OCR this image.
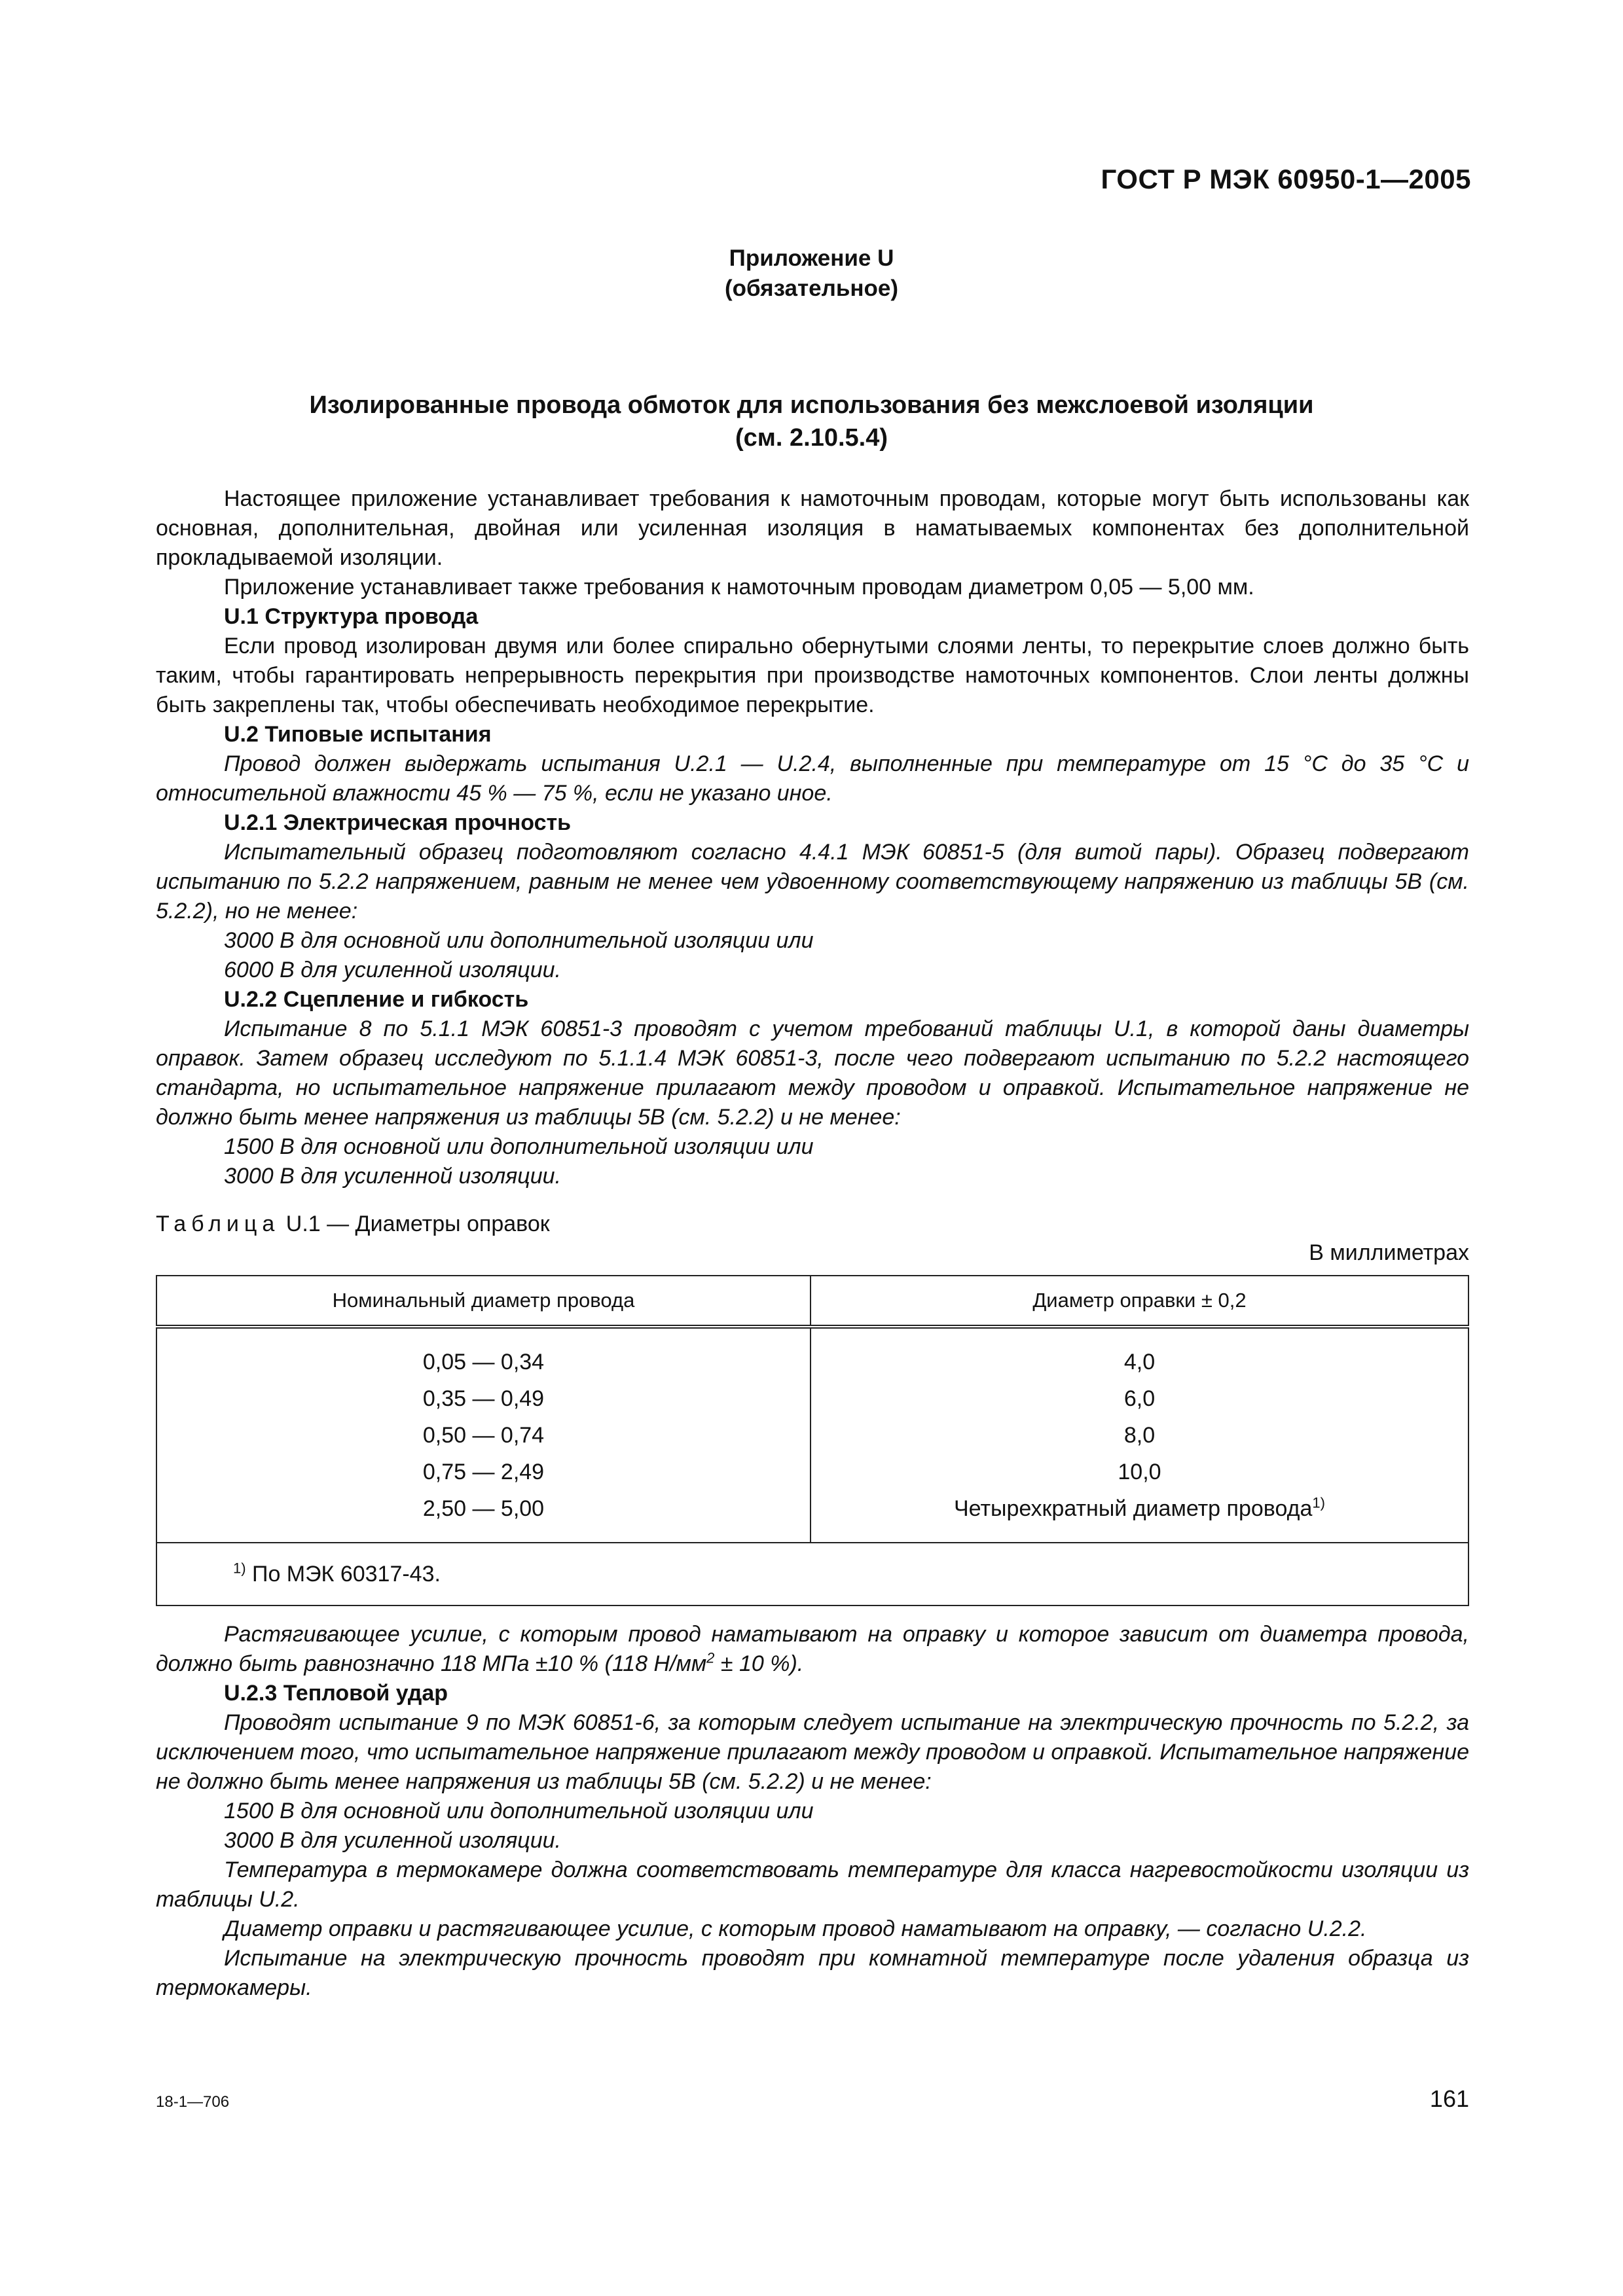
ГОСТ Р МЭК 60950-1—2005
Приложение U
(обязательное)
Изолированные провода обмоток для использования без межслоевой изоляции
(см. 2.10.5.4)

Настоящее приложение устанавливает требования к намоточным проводам, которые могут быть использованы как основная, дополнительная, двойная или усиленная изоляция в наматываемых компонентах без дополнительной прокладываемой изоляции.

Приложение устанавливает также требования к намоточным проводам диаметром 0,05 — 5,00 мм.

U.1 Структура провода

Если провод изолирован двумя или более спирально обернутыми слоями ленты, то перекрытие слоев должно быть таким, чтобы гарантировать непрерывность перекрытия при производстве намоточных компонентов. Слои ленты должны быть закреплены так, чтобы обеспечивать необходимое перекрытие.

U.2 Типовые испытания

Провод должен выдержать испытания U.2.1 — U.2.4, выполненные при температуре от 15 °С до 35 °С и относительной влажности 45 % — 75 %, если не указано иное.

U.2.1 Электрическая прочность

Испытательный образец подготовляют согласно 4.4.1 МЭК 60851-5 (для витой пары). Образец подвергают испытанию по 5.2.2 напряжением, равным не менее чем удвоенному соответствующему напряжению из таблицы 5В (см. 5.2.2), но не менее:

3000 В для основной или дополнительной изоляции или

6000 В для усиленной изоляции.

U.2.2 Сцепление и гибкость

Испытание 8 по 5.1.1 МЭК 60851-3 проводят с учетом требований таблицы U.1, в которой даны диаметры оправок. Затем образец исследуют по 5.1.1.4 МЭК 60851-3, после чего подвергают испытанию по 5.2.2 настоящего стандарта, но испытательное напряжение прилагают между проводом и оправкой. Испытательное напряжение не должно быть менее напряжения из таблицы 5В (см. 5.2.2) и не менее:

1500 В для основной или дополнительной изоляции или

3000 В для усиленной изоляции.

Таблица U.1 — Диаметры оправок
В миллиметрах
Номинальный диаметр провода	Диаметр оправки ± 0,2
0,05 — 0,34	4,0
0,35 — 0,49	6,0
0,50 — 0,74	8,0
0,75 — 2,49	10,0
2,50 — 5,00	Четырехкратный диаметр провода$^{1)}$
$^{1)}$ По МЭК 60317-43.	

Растягивающее усилие, с которым провод наматывают на оправку и которое зависит от диаметра провода, должно быть равнозначно 118 МПа ±10 % (118 $Н/мм^2 \pm 10$ %).

U.2.3 Тепловой удар

Проводят испытание 9 по МЭК 60851-6, за которым следует испытание на электрическую прочность по 5.2.2, за исключением того, что испытательное напряжение прилагают между проводом и оправкой. Испытательное напряжение не должно быть менее напряжения из таблицы 5В (см. 5.2.2) и не менее:

1500 В для основной или дополнительной изоляции или

3000 В для усиленной изоляции.

Температура в термокамере должна соответствовать температуре для класса нагревостойкости изоляции из таблицы U.2.

Диаметр оправки и растягивающее усилие, с которым провод наматывают на оправку, — согласно U.2.2.

Испытание на электрическую прочность проводят при комнатной температуре после удаления образца из термокамеры.

18-1—706	161
